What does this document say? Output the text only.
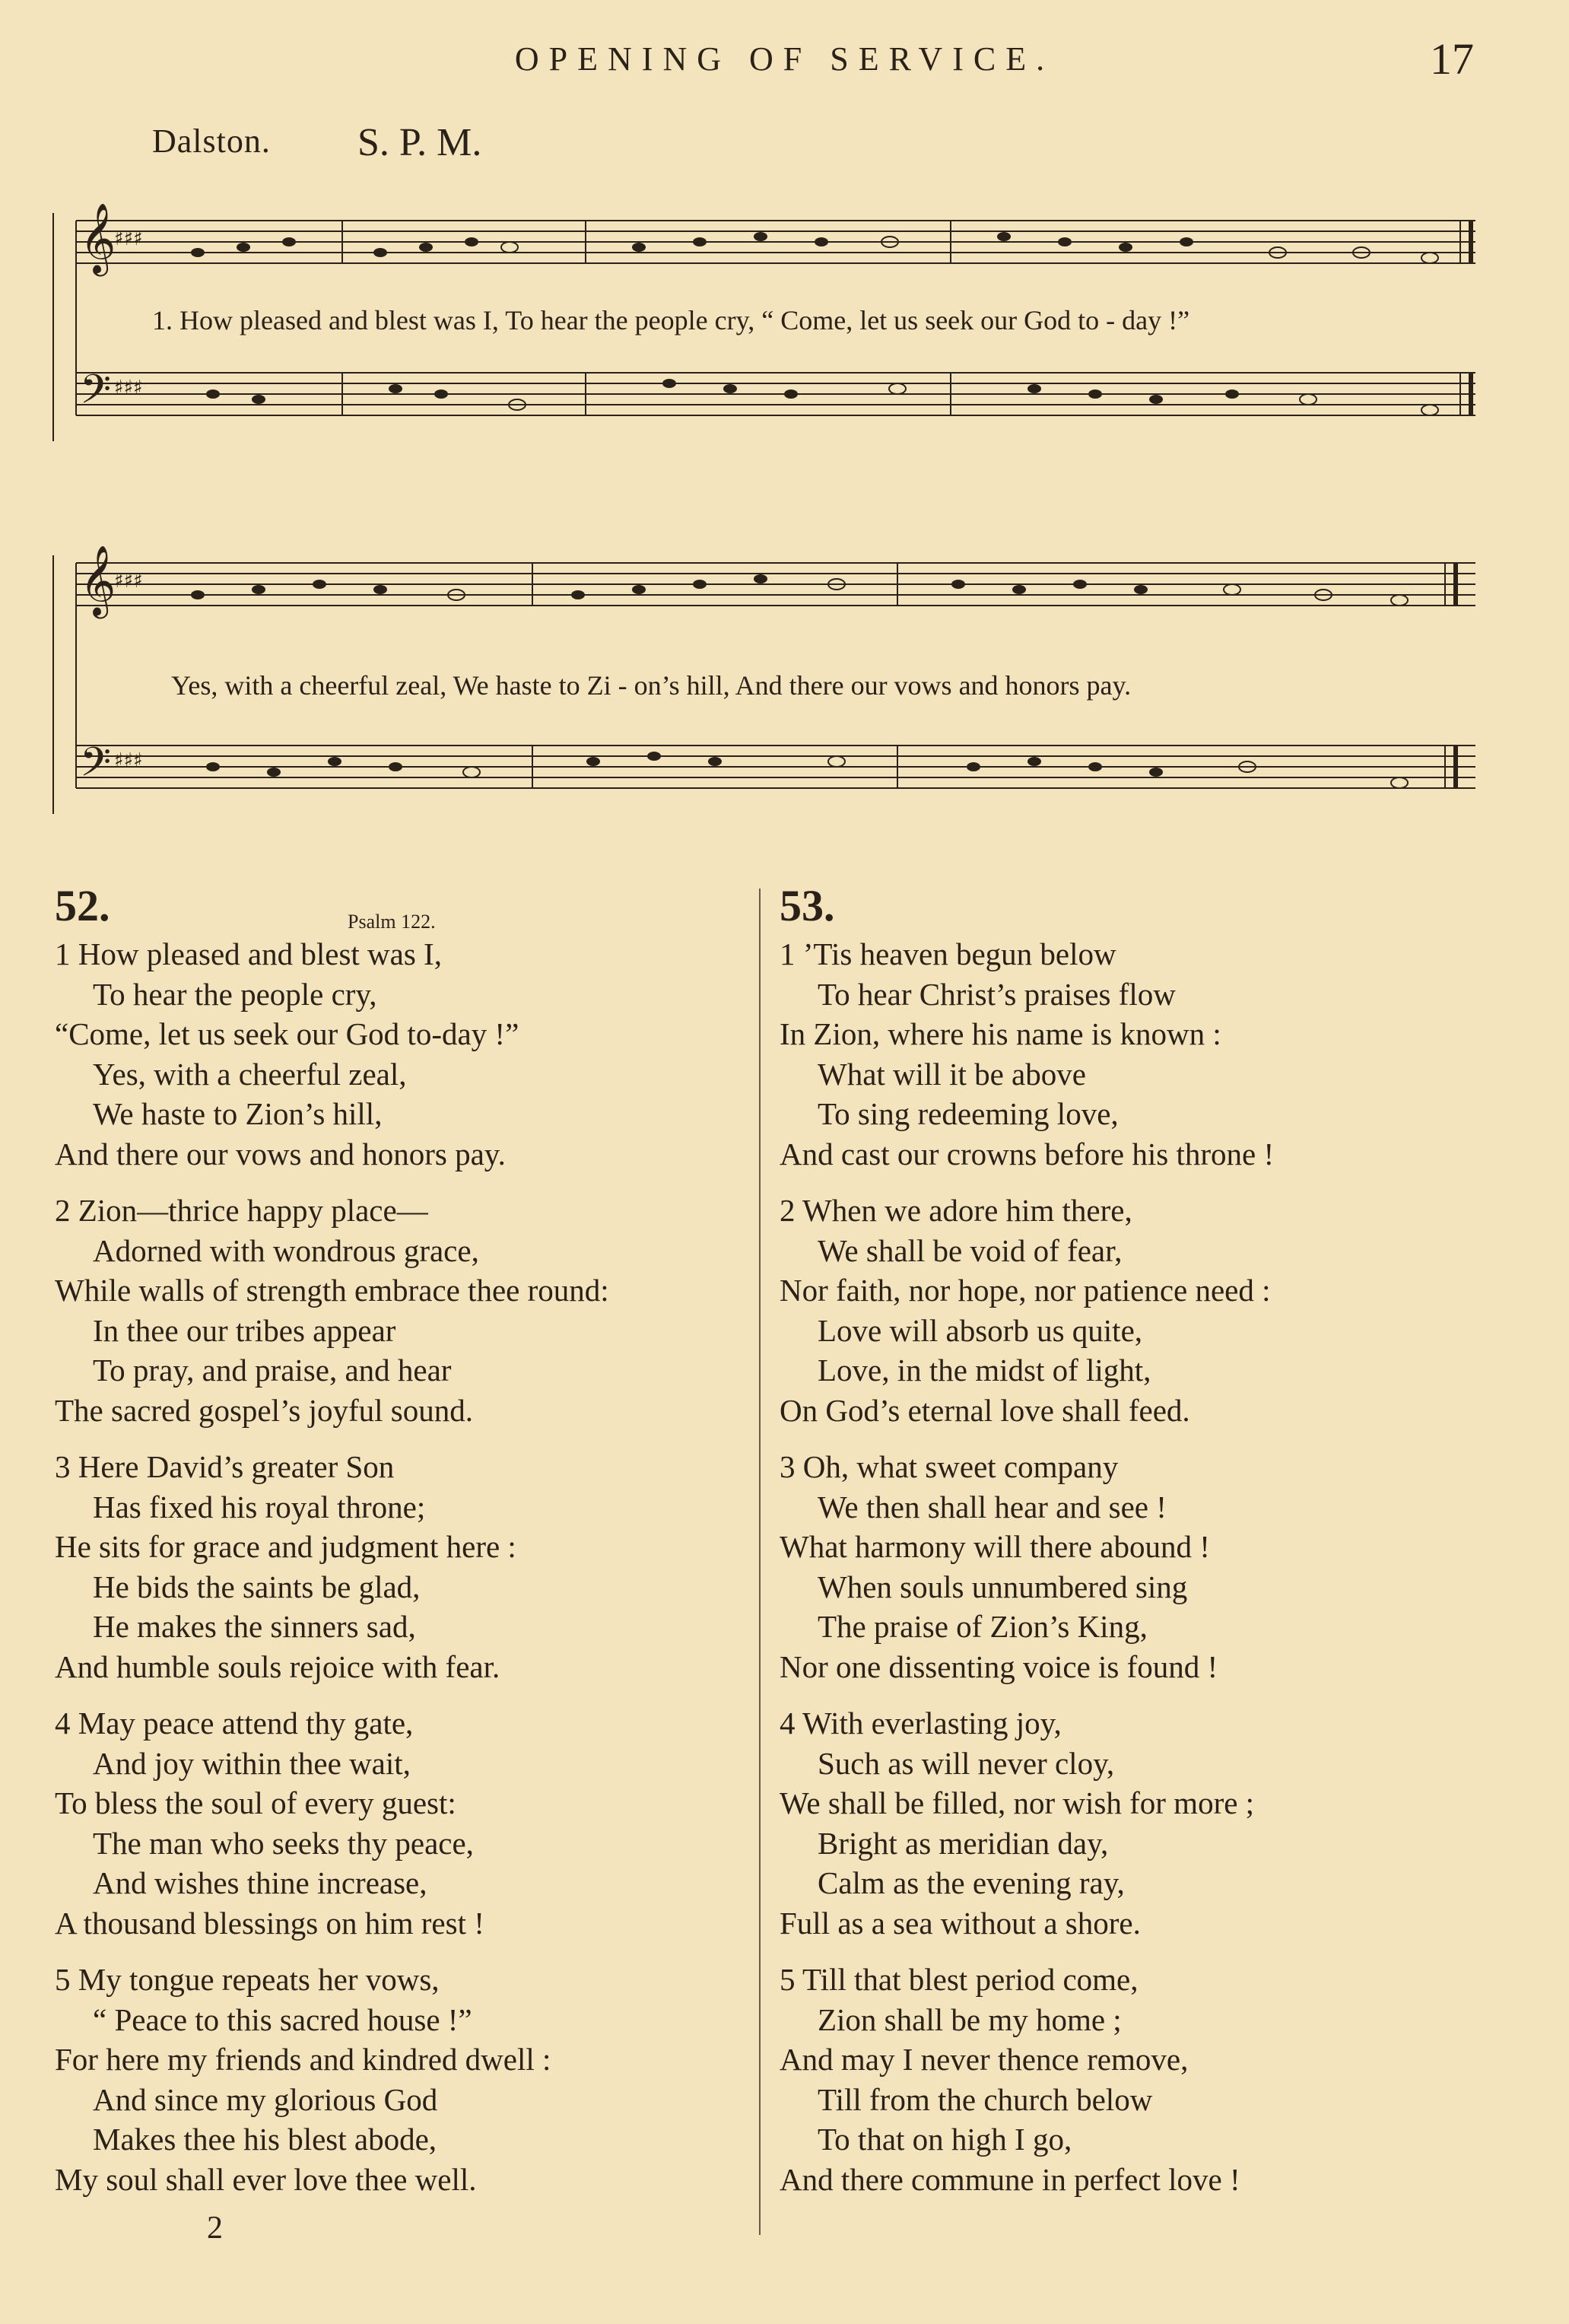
OPENING OF SERVICE.	17
Dalston. S. P. M.
𝄞
𝄢
♯♯♯
♯♯♯
1. How pleased and blest was I, To hear the people cry, “ Come, let us seek our God to - day !”
𝄞
𝄢
♯♯♯
♯♯♯
Yes, with a cheerful zeal, We haste to Zi - on’s hill, And there our vows and honors pay.
52.	Psalm 122.
1 How pleased and blest was I,
To hear the people cry,
“Come, let us seek our God to-day !”
Yes, with a cheerful zeal,
We haste to Zion’s hill,
And there our vows and honors pay.
2 Zion—thrice happy place—
Adorned with wondrous grace,
While walls of strength embrace thee round:
In thee our tribes appear
To pray, and praise, and hear
The sacred gospel’s joyful sound.
3 Here David’s greater Son
Has fixed his royal throne;
He sits for grace and judgment here :
He bids the saints be glad,
He makes the sinners sad,
And humble souls rejoice with fear.
4 May peace attend thy gate,
And joy within thee wait,
To bless the soul of every guest:
The man who seeks thy peace,
And wishes thine increase,
A thousand blessings on him rest !
5 My tongue repeats her vows,
“ Peace to this sacred house !”
For here my friends and kindred dwell :
And since my glorious God
Makes thee his blest abode,
My soul shall ever love thee well.
53.
1 ’Tis heaven begun below
To hear Christ’s praises flow
In Zion, where his name is known :
What will it be above
To sing redeeming love,
And cast our crowns before his throne !
2 When we adore him there,
We shall be void of fear,
Nor faith, nor hope, nor patience need :
Love will absorb us quite,
Love, in the midst of light,
On God’s eternal love shall feed.
3 Oh, what sweet company
We then shall hear and see !
What harmony will there abound !
When souls unnumbered sing
The praise of Zion’s King,
Nor one dissenting voice is found !
4 With everlasting joy,
Such as will never cloy,
We shall be filled, nor wish for more ;
Bright as meridian day,
Calm as the evening ray,
Full as a sea without a shore.
5 Till that blest period come,
Zion shall be my home ;
And may I never thence remove,
Till from the church below
To that on high I go,
And there commune in perfect love !
2
